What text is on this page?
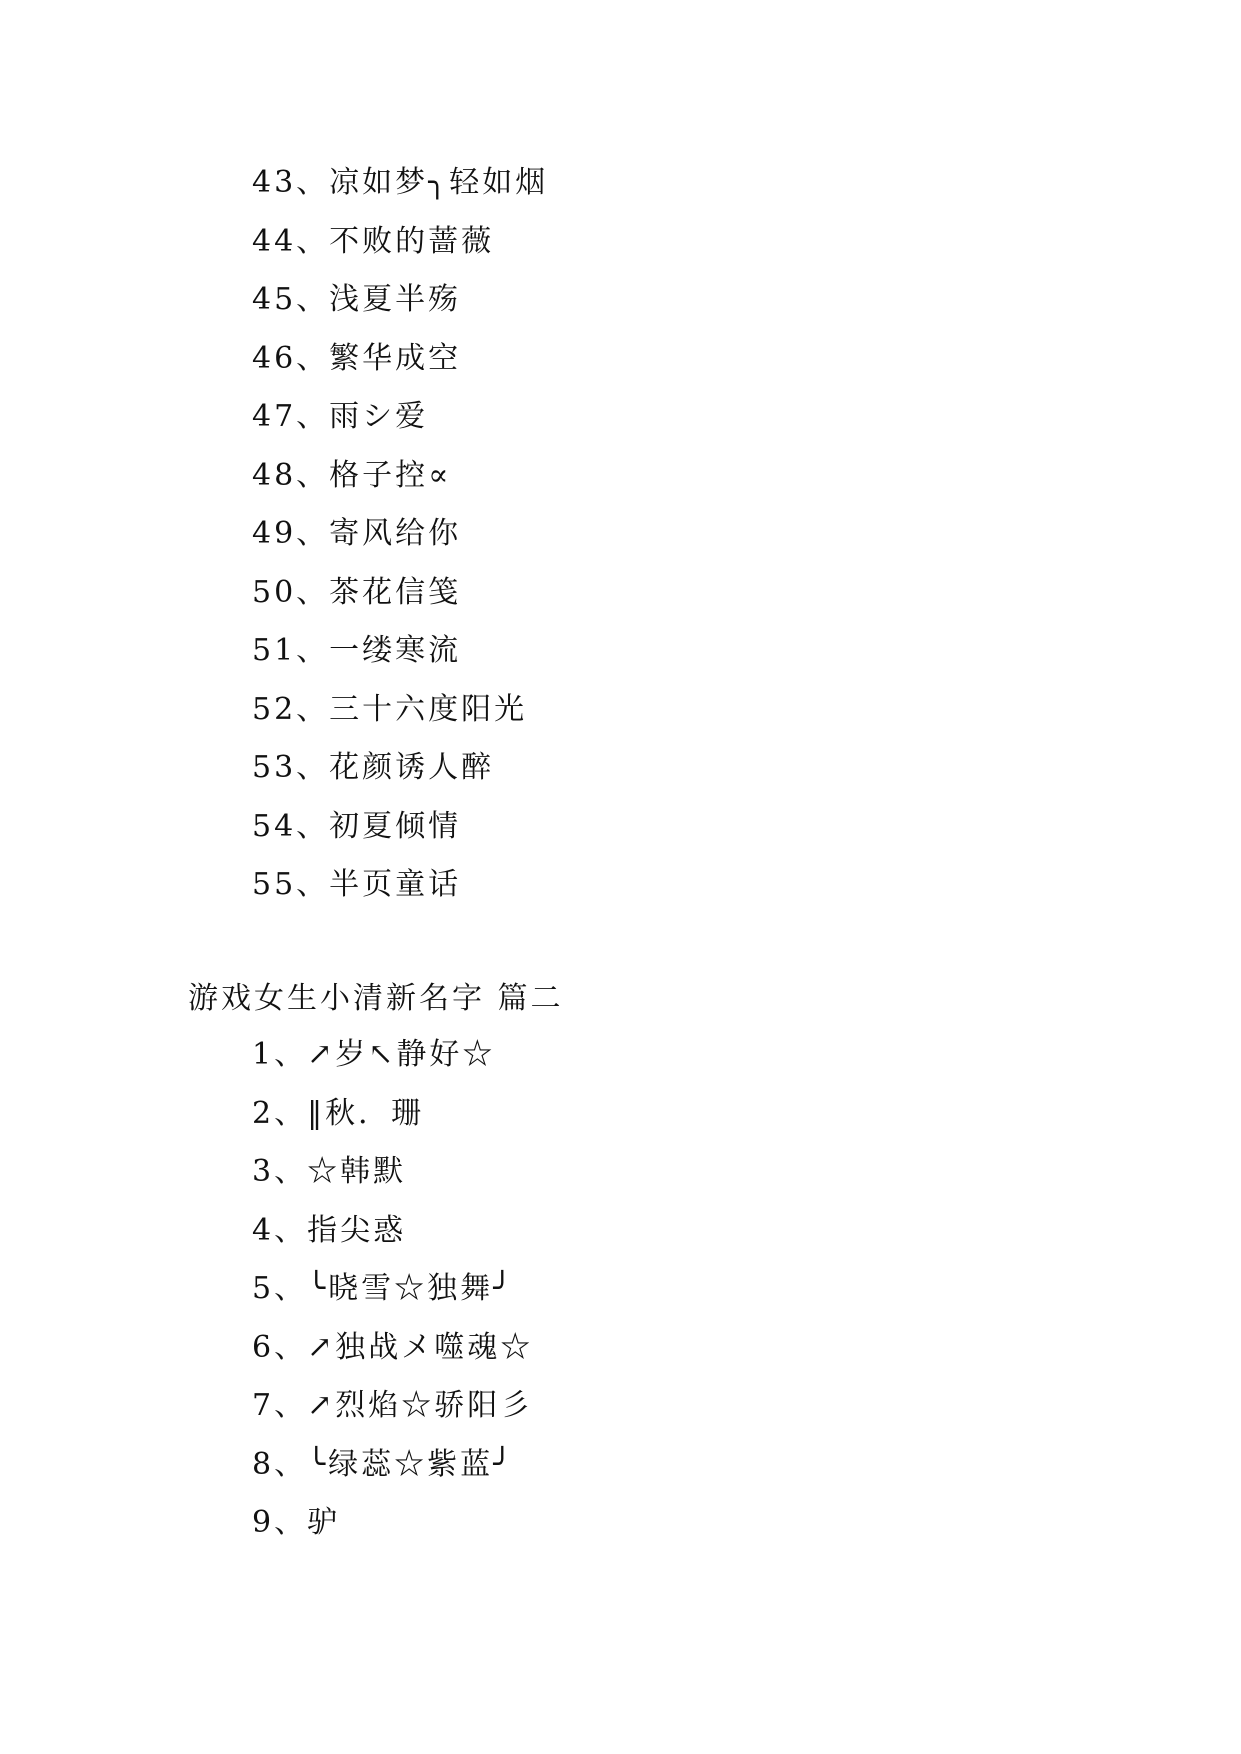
43、凉如梦╮轻如烟
44、不败的蔷薇
45、浅夏半殇
46、繁华成空
47、雨シ爱
48、格子控∝
49、寄风给你
50、茶花信笺
51、一缕寒流
52、三十六度阳光
53、花颜诱人醉
54、初夏倾情
55、半页童话
游戏女生小清新名字 篇二
1、↗岁↖静好☆
2、‖秋．珊
3、☆韩默
4、指尖惑
5、╰晓雪☆独舞╯
6、↗独战メ噬魂☆
7、↗烈焰☆骄阳彡
8、╰绿蕊☆紫蓝╯
9、驴
